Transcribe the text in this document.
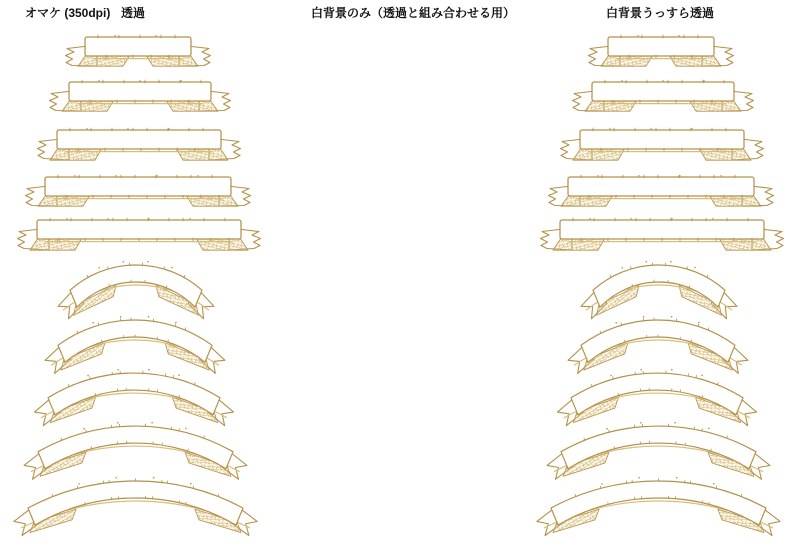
オマケ (350dpi) 透過	白背景のみ（透過と組み合わせる用）	白背景うっすら透過
